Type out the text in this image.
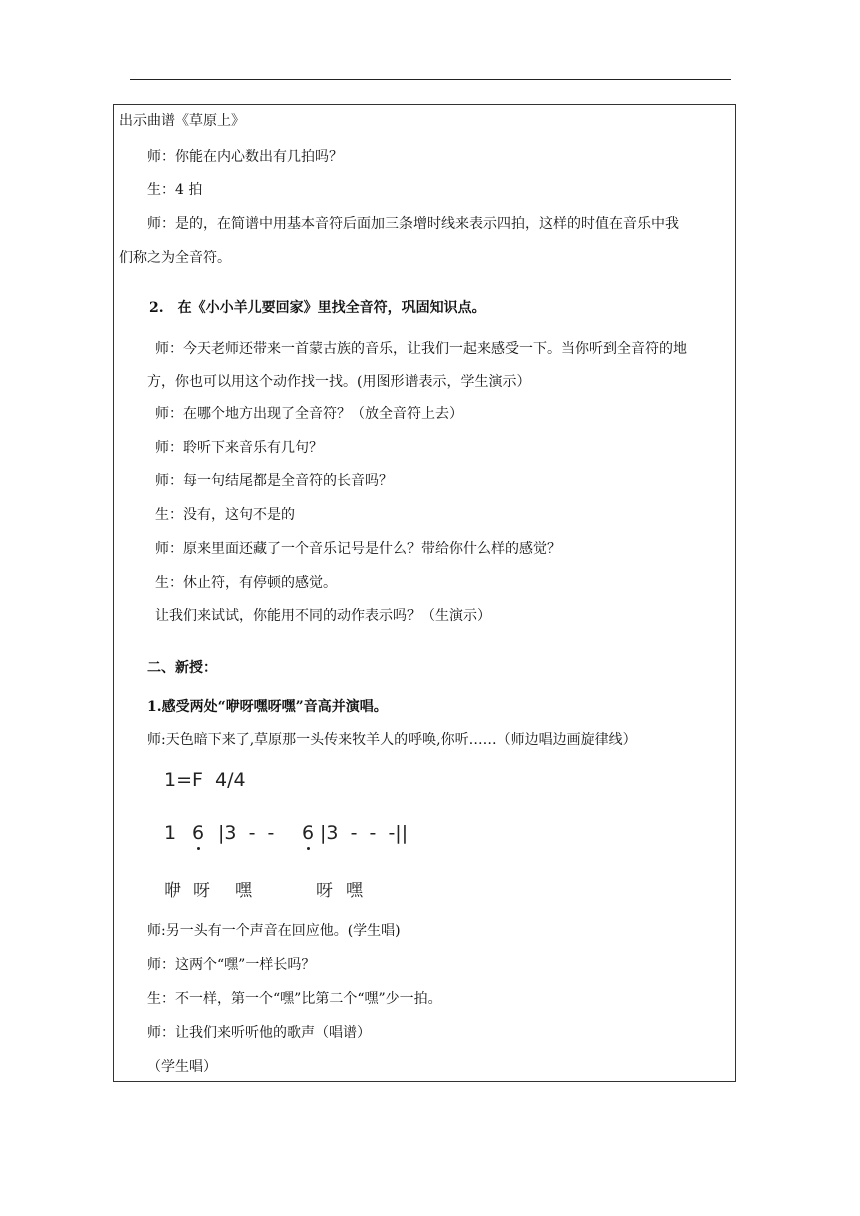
出示曲谱《草原上》
师：你能在内心数出有几拍吗？
生：4 拍
师：是的，在简谱中用基本音符后面加三条增时线来表示四拍，这样的时值在音乐中我
们称之为全音符。
2.　在《小小羊儿要回家》里找全音符，巩固知识点。
师：今天老师还带来一首蒙古族的音乐，让我们一起来感受一下。当你听到全音符的地
方，你也可以用这个动作找一找。(用图形谱表示，学生演示）
师：在哪个地方出现了全音符？（放全音符上去）
师：聆听下来音乐有几句？
师：每一句结尾都是全音符的长音吗？
生：没有，这句不是的
师：原来里面还藏了一个音乐记号是什么？带给你什么样的感觉？
生：休止符，有停顿的感觉。
让我们来试试，你能用不同的动作表示吗？（生演示）
二、新授：
1.感受两处“咿呀嘿呀嘿”音高并演唱。
师:天色暗下来了,草原那一头传来牧羊人的呼唤,你听……（师边唱边画旋律线）
1=F  4/4
1 6 |3  -  - 6 |3  -  -  -||
咿 呀 嘿	呀 嘿
师:另一头有一个声音在回应他。(学生唱)
师：这两个“嘿”一样长吗？
生：不一样，第一个“嘿”比第二个“嘿”少一拍。
师：让我们来听听他的歌声（唱谱）
（学生唱）
